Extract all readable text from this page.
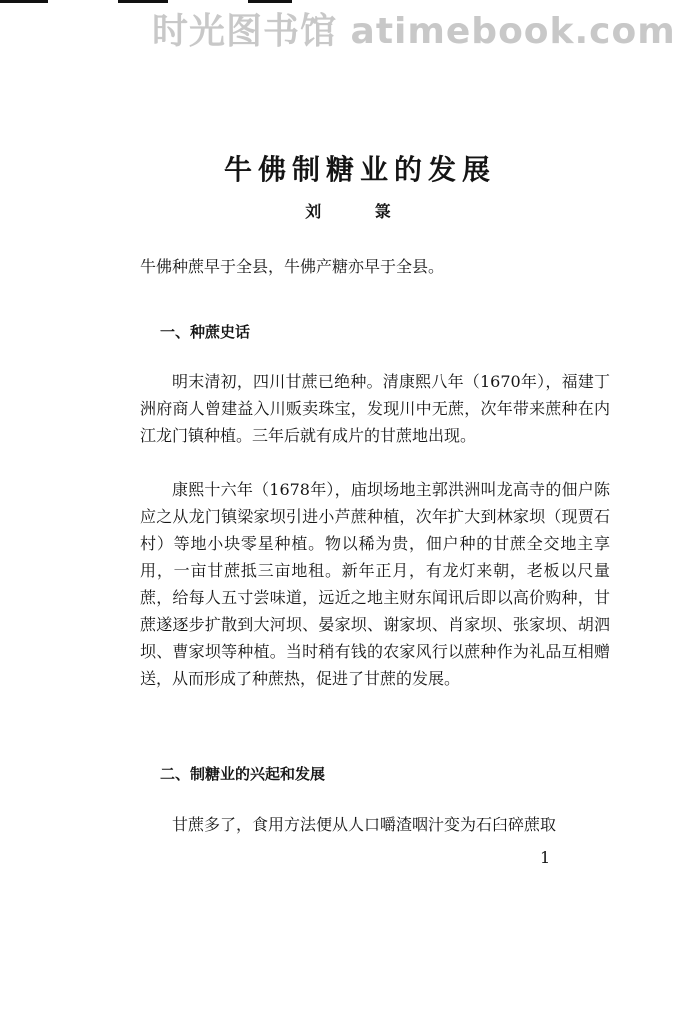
时光图书馆 atimebook.com
牛佛制糖业的发展
刘 箓
牛佛种蔗早于全县，牛佛产糖亦早于全县。
一、种蔗史话
明末清初，四川甘蔗已绝种。清康熙八年（1670年），福建丁洲府商人曾建益入川贩卖珠宝，发现川中无蔗，次年带来蔗种在内江龙门镇种植。三年后就有成片的甘蔗地出现。
康熙十六年（1678年），庙坝场地主郭洪洲叫龙高寺的佃户陈应之从龙门镇梁家坝引进小芦蔗种植，次年扩大到林家坝（现贾石村）等地小块零星种植。物以稀为贵，佃户种的甘蔗全交地主享用，一亩甘蔗抵三亩地租。新年正月，有龙灯来朝，老板以尺量蔗，给每人五寸尝味道，远近之地主财东闻讯后即以高价购种，甘蔗遂逐步扩散到大河坝、晏家坝、谢家坝、肖家坝、张家坝、胡泗坝、曹家坝等种植。当时稍有钱的农家风行以蔗种作为礼品互相赠送，从而形成了种蔗热，促进了甘蔗的发展。
二、制糖业的兴起和发展
甘蔗多了，食用方法便从人口嚼渣咽汁变为石臼碎蔗取
1
